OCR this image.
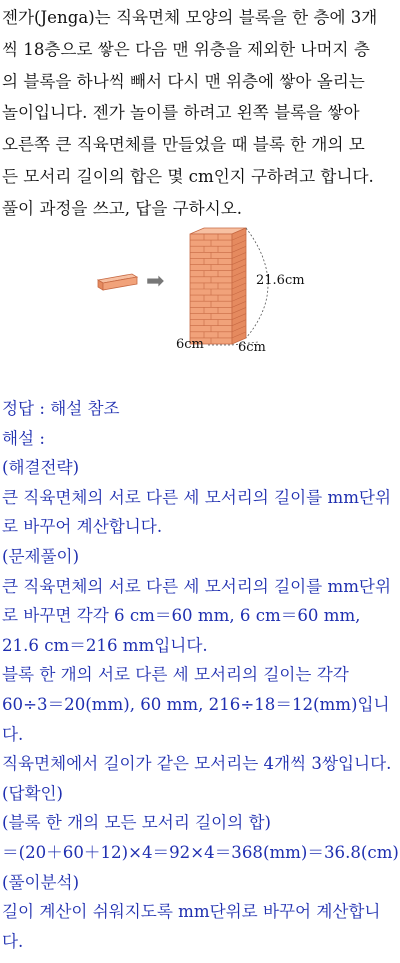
젠가(Jenga)는 직육면체 모양의 블록을 한 층에 3개
씩 18층으로 쌓은 다음 맨 위층을 제외한 나머지 층
의 블록을 하나씩 빼서 다시 맨 위층에 쌓아 올리는
놀이입니다. 젠가 놀이를 하려고 왼쪽 블록을 쌓아
오른쪽 큰 직육면체를 만들었을 때 블록 한 개의 모
든 모서리 길이의 합은 몇 cm인지 구하려고 합니다.
풀이 과정을 쓰고, 답을 구하시오.
➡	21.6cm
6cm	6cm
정답 : 해설 참조
해설 :
(해결전략)
큰 직육면체의 서로 다른 세 모서리의 길이를 mm단위
로 바꾸어 계산합니다.
(문제풀이)
큰 직육면체의 서로 다른 세 모서리의 길이를 mm단위
로 바꾸면 각각 6 cm＝60 mm, 6 cm＝60 mm,
21.6 cm＝216 mm입니다.
블록 한 개의 서로 다른 세 모서리의 길이는 각각
60÷3＝20(mm), 60 mm, 216÷18＝12(mm)입니
다.
직육면체에서 길이가 같은 모서리는 4개씩 3쌍입니다.
(답확인)
(블록 한 개의 모든 모서리 길이의 합)
＝(20＋60＋12)×4＝92×4＝368(mm)＝36.8(cm)
(풀이분석)
길이 계산이 쉬워지도록 mm단위로 바꾸어 계산합니
다.
